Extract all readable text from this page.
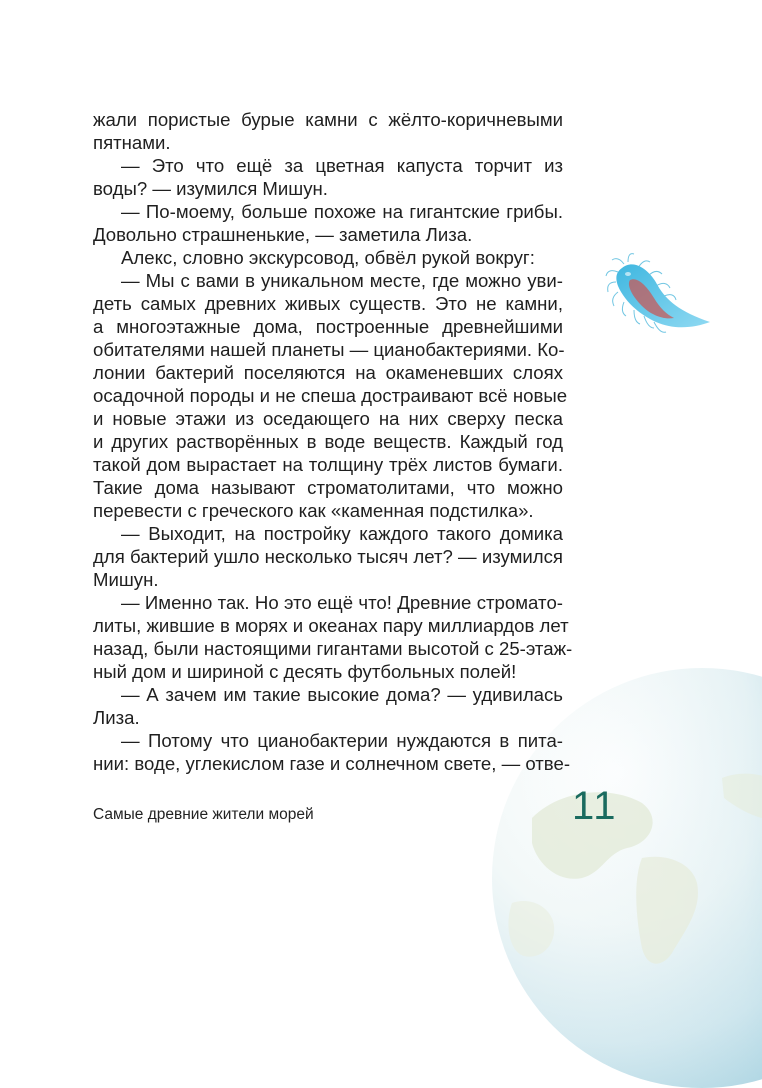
жали пористые бурые камни с жёлто-коричневыми
пятнами.
— Это что ещё за цветная капуста торчит из
воды? — изумился Мишун.
— По-моему, больше похоже на гигантские грибы.
Довольно страшненькие, — заметила Лиза.
Алекс, словно экскурсовод, обвёл рукой вокруг:
— Мы с вами в уникальном месте, где можно уви-
деть самых древних живых существ. Это не камни,
а многоэтажные дома, построенные древнейшими
обитателями нашей планеты — цианобактериями. Ко-
лонии бактерий поселяются на окаменевших слоях
осадочной породы и не спеша достраивают всё новые
и новые этажи из оседающего на них сверху песка
и других растворённых в воде веществ. Каждый год
такой дом вырастает на толщину трёх листов бумаги.
Такие дома называют строматолитами, что можно
перевести с греческого как «каменная подстилка».
— Выходит, на постройку каждого такого домика
для бактерий ушло несколько тысяч лет? — изумился
Мишун.
— Именно так. Но это ещё что! Древние строматo-
литы, жившие в морях и океанах пару миллиардов лет
назад, были настоящими гигантами высотой с 25-этаж-
ный дом и шириной с десять футбольных полей!
— А зачем им такие высокие дома? — удивилась
Лиза.
— Потому что цианобактерии нуждаются в пита-
нии: воде, углекислом газе и солнечном свете, — отве-
Самые древние жители морей	11
